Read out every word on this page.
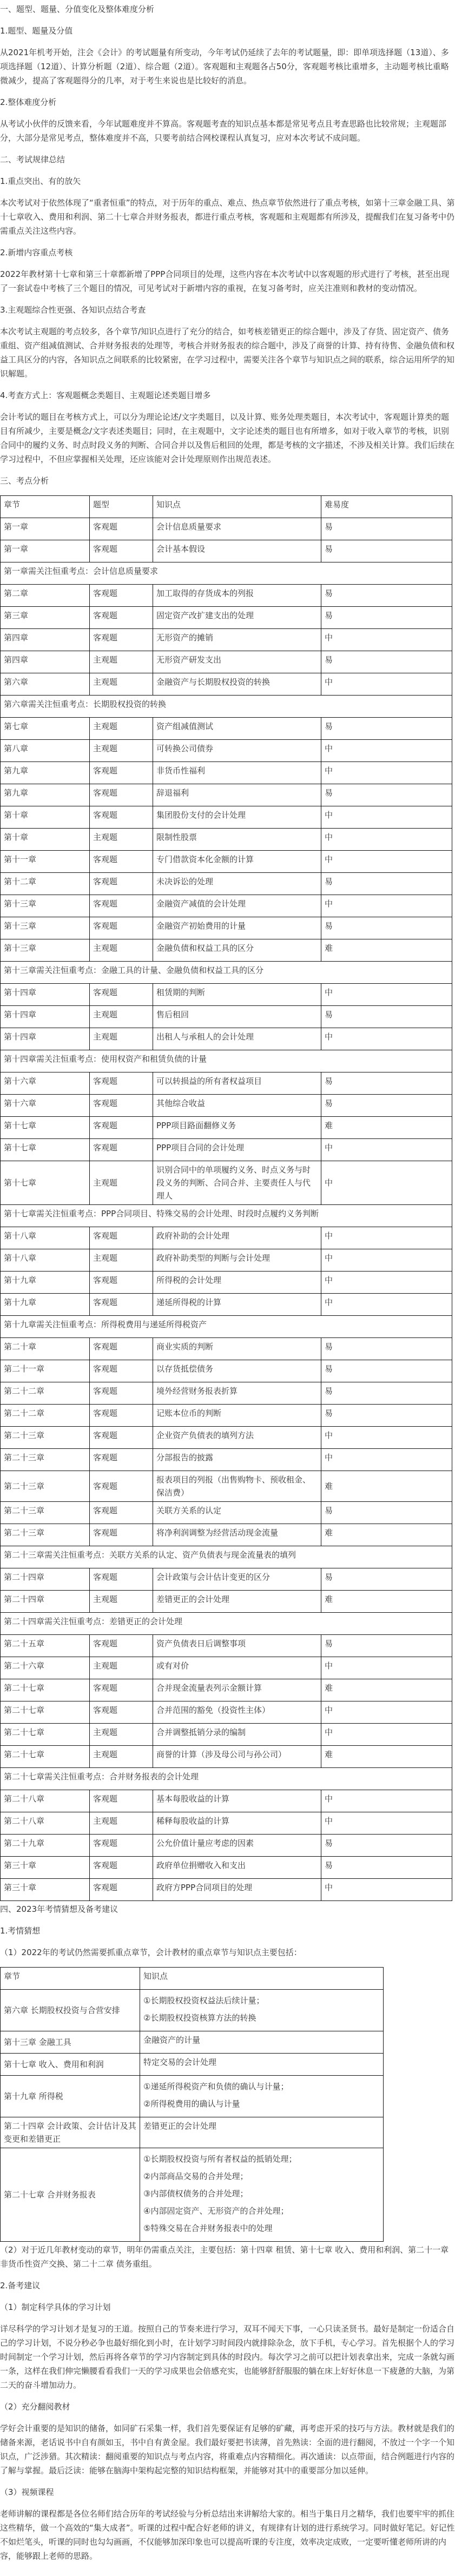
一、题型、题量、分值变化及整体难度分析
1.题型、题量及分值

从2021年机考开始，注会《会计》的考试题量有所变动，今年考试仍延续了去年的考试题量，即：即单项选择题（13道）、多项选择题（12道）、计算分析题（2道）、综合题（2道）。客观题和主观题各占50分，客观题考核比重增多，主动题考核比重略微减少，提高了客观题得分的几率，对于考生来说也是比较好的消息。

2.整体难度分析

从考试小伙伴的反馈来看，今年试题难度并不算高。客观题考查的知识点基本都是常见考点且考查思路也比较常规；主观题部分，大部分是常见考点，整体难度并不高，只要考前结合网校课程认真复习，应对本次考试不成问题。

二、考试规律总结
1.重点突出、有的放矢

本次考试对于依然体现了“重者恒重”的特点，对于历年的重点、难点、热点章节依然进行了重点考核，如第十三章金融工具、第十七章收入、费用和利润、第二十七章合并财务报表，都进行重点考核，客观题和主观题都有所涉及，提醒我们在复习备考中仍需重点关注这些内容。

2.新增内容重点考核

2022年教材第十七章和第三十章都新增了PPP合同项目的处理，这些内容在本次考试中以客观题的形式进行了考核，甚至出现了一套试卷中考核了三个题目的情况，可见考试对于新增内容的重视，在复习备考时，应关注准则和教材的变动情况。

3.主观题综合性更强、各知识点结合考查

本次考试主观题的考点较多，各个章节/知识点进行了充分的结合，如考核差错更正的综合题中，涉及了存货、固定资产、债务重组、资产组减值测试、合并财务报表的处理等，考核合并财务报表的综合题中，涉及了商誉的计算、持有待售、金融负债和权益工具区分的内容，各知识点之间联系的比较紧密，在学习过程中，需要关注各个章节与知识点之间的联系，综合运用所学的知识解题。

4.考查方式上：客观题概念类题目、主观题论述类题目增多

会计考试的题目在考核方式上，可以分为理论论述/文字类题目，以及计算、账务处理类题目，本次考试中，客观题计算类的题目有所减少，主要是概念/文字表述类题目；同时，在主观题中，文字论述类的题目也有所增多，如对于收入章节的考核，识别合同中的履约义务、时点时段义务的判断、合同合并以及售后租回的处理，都是考核的文字描述，不涉及相关计算。我们后续在学习过程中，不但应掌握相关处理，还应该能对会计处理原则作出规范表述。

三、考点分析
章节	题型	知识点	难易度
第一章	客观题	会计信息质量要求	易
第一章	客观题	会计基本假设	易
第一章需关注恒重考点：会计信息质量要求			
第二章	客观题	加工取得的存货成本的列报	易
第三章	客观题	固定资产改扩建支出的处理	易
第四章	客观题	无形资产的摊销	中
第四章	主观题	无形资产研发支出	易
第六章	主观题	金融资产与长期股权投资的转换	中
第六章需关注恒重考点：长期股权投资的转换			
第七章	主观题	资产组减值测试	易
第八章	主观题	可转换公司债券	中
第九章	客观题	非货币性福利	中
第九章	客观题	辞退福利	易
第十章	客观题	集团股份支付的会计处理	中
第十章	主观题	限制性股票	中
第十一章	客观题	专门借款资本化金额的计算	中
第十二章	客观题	未决诉讼的处理	易
第十三章	客观题	金融资产减值的会计处理	中
第十三章	客观题	金融资产初始费用的计量	易
第十三章	主观题	金融负债和权益工具的区分	难
第十三章需关注恒重考点：金融工具的计量、金融负债和权益工具的区分			
第十四章	客观题	租赁期的判断	中
第十四章	主观题	售后租回	易
第十四章	主观题	出租人与承租人的会计处理	中
第十四章需关注恒重考点：使用权资产和租赁负债的计量			
第十六章	客观题	可以转损益的所有者权益项目	易
第十六章	客观题	其他综合收益	易
第十七章	客观题	PPP项目路面翻修义务	难
第十七章	客观题	PPP项目合同的会计处理	中
第十七章	主观题	识别合同中的单项履约义务、时点义务与时段义务的判断、合同合并、主要责任人与代理人	中
第十七章需关注恒重考点：PPP合同项目、特殊交易的会计处理、时段时点履约义务判断			
第十八章	客观题	政府补助的会计处理	中
第十八章	主观题	政府补助类型的判断与会计处理	中
第十九章	客观题	所得税的会计处理	中
第十九章	客观题	递延所得税的计算	中
第十九章需关注恒重考点：所得税费用与递延所得税资产			
第二十章	客观题	商业实质的判断	易
第二十一章	客观题	以存货抵偿债务	易
第二十二章	客观题	境外经营财务报表折算	易
第二十二章	客观题	记账本位币的判断	易
第二十三章	客观题	企业资产负债表的填列方法	中
第二十三章	客观题	分部报告的披露	中
第二十三章	客观题	报表项目的列报（出售购物卡、预收租金、保洁费）	难
第二十三章	客观题	关联方关系的认定	易
第二十三章	客观题	将净利润调整为经营活动现金流量	难
第二十三章需关注恒重考点：关联方关系的认定、资产负债表与现金流量表的填列			
第二十四章	客观题	会计政策与会计估计变更的区分	易
第二十四章	主观题	差错更正的会计处理	难
第二十四章需关注恒重考点：差错更正的会计处理			
第二十五章	客观题	资产负债表日后调整事项	易
第二十六章	主观题	或有对价	中
第二十七章	客观题	合并现金流量表列示金额计算	难
第二十七章	客观题	合并范围的豁免（投资性主体）	中
第二十七章	主观题	合并调整抵销分录的编制	中
第二十七章	主观题	商誉的计算（涉及母公司与孙公司）	难
第二十七章需关注恒重考点：合并财务报表的会计处理			
第二十八章	客观题	基本每股收益的计算	中
第二十八章	主观题	稀释每股收益的计算	中
第二十九章	客观题	公允价值计量应考虑的因素	易
第三十章	客观题	政府单位捐赠收入和支出	易
第三十章	客观题	政府方PPP合同项目的处理	中
四、2023年考情猜想及备考建议
1.考情猜想

（1）2022年的考试仍然需要抓重点章节，会计教材的重点章节与知识点主要包括：

章节	知识点
第六章 长期股权投资与合营安排	①长期股权投资权益法后续计量；
②长期股权投资核算方法的转换

第十三章 金融工具	金融资产的计量

第十七章 收入、费用和利润	特定交易的会计处理

第十九章 所得税	①递延所得税资产和负债的确认与计量；
②所得税费用的确认与计量

第二十四章 会计政策、会计估计及其变更和差错更正	差错更正的会计处理

第二十七章 合并财务报表	①长期股权投资与所有者权益的抵销处理；
②内部商品交易的合并处理；
③内部债权债务的合并处理；
④内部固定资产、无形资产的合并处理；
⑤特殊交易在合并财务报表中的处理

（2）对于近几年教材变动的章节，明年仍需重点关注，主要包括：第十四章 租赁、第十七章 收入、费用和利润、第二十一章 非货币性资产交换、第二十二章 债务重组。

2.备考建议
（1）制定科学具体的学习计划

详尽科学的学习计划才是复习的王道。按照自己的节奏来进行学习，双耳不闻天下事，一心只读圣贤书。最好是制定一份适合自己的学习计划，不说分秒必争也最好细化到小时，在计划学习时间段内就排除杂念，放下手机，专心学习。首先根据个人的学习时间制定一个学习计划，然后再将各章节的学习内容制定到具体的时段内。每次学习之前可以把计划表拿出来，完成一条就勾画一条，这样在我们伸完懒腰看看我们一天的学习成果也会倍感充实，也能够舒舒服服的躺在床上好好休息一下疲惫的大脑，为第二天的奋斗增加动力。

（2）充分翻阅教材

学好会计重要的是知识的储备，如同矿石采集一样，我们首先要保证有足够的矿藏，再考虑开采的技巧与方法。教材就是我们的储备来源，老话说书中自有颜如玉，书中自有黄金屋。我们最好要把书读薄，首先熟读：全面的进行翻阅，不放过一个字一个知识点，广泛涉猎。其次精读：翻阅重要的知识点与考点内容，将重难点内容精细化。再次通读：以点带面，结合例题进行内容的了解与掌握。最后泛读：能够在脑海中架构起完整的知识结构框架，并能够对其中的重要部分加以延伸。

（3）视频课程

老师讲解的课程都是各位名师们结合历年的考试经验与分析总结出来讲解给大家的。相当于集日月之精华，我们也要牢牢的抓住这些精华，做一个高效的“集大成者”。听课的过程中配合好老师的讲义，有规律有计划的进行系统学习。同时做好笔记。好记性不如烂笔头，听课的同时也勾勾画画，不仅能够加深印象也可以提高听课的专注度，效率决定成败，一定要听懂老师所讲的内容，能够跟上老师的思路。
